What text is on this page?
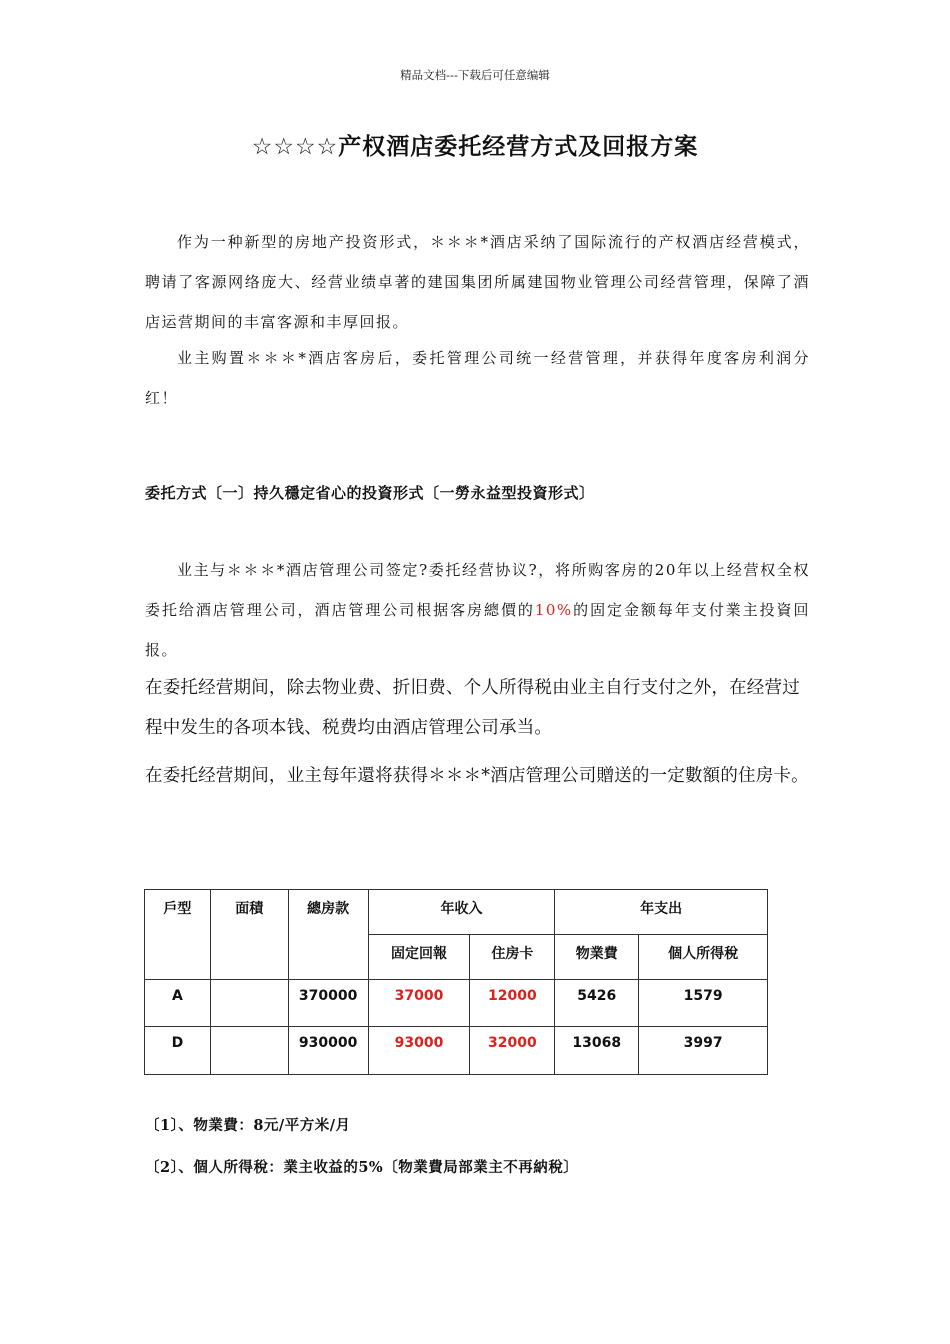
精品文档---下载后可任意编辑
☆☆☆☆产权酒店委托经营方式及回报方案

作为一种新型的房地产投资形式，＊＊＊*酒店采纳了国际流行的产权酒店经营模式，聘请了客源网络庞大、经营业绩卓著的建国集团所属建国物业管理公司经营管理，保障了酒店运营期间的丰富客源和丰厚回报。

业主购置＊＊＊*酒店客房后，委托管理公司统一经营管理，并获得年度客房利润分红！

委托方式〔一〕持久穩定省心的投資形式〔一勞永益型投資形式〕

业主与＊＊＊*酒店管理公司签定?委托经营协议?，将所购客房的20年以上经营权全权委托给酒店管理公司，酒店管理公司根据客房總價的10%的固定金额每年支付業主投資回报。

在委托经营期间，除去物业费、折旧费、个人所得税由业主自行支付之外，在经营过程中发生的各项本钱、税费均由酒店管理公司承当。

在委托经营期间，业主每年還将获得＊＊＊*酒店管理公司贈送的一定數額的住房卡。

戶型	面積	總房款	年收入		年支出	
			固定回報	住房卡	物業費	個人所得稅
A		370000	37000	12000	5426	1579
D		930000	93000	32000	13068	3997
〔1〕、物業費：8元/平方米/月
〔2〕、個人所得稅：業主收益的5%〔物業費局部業主不再納稅〕
